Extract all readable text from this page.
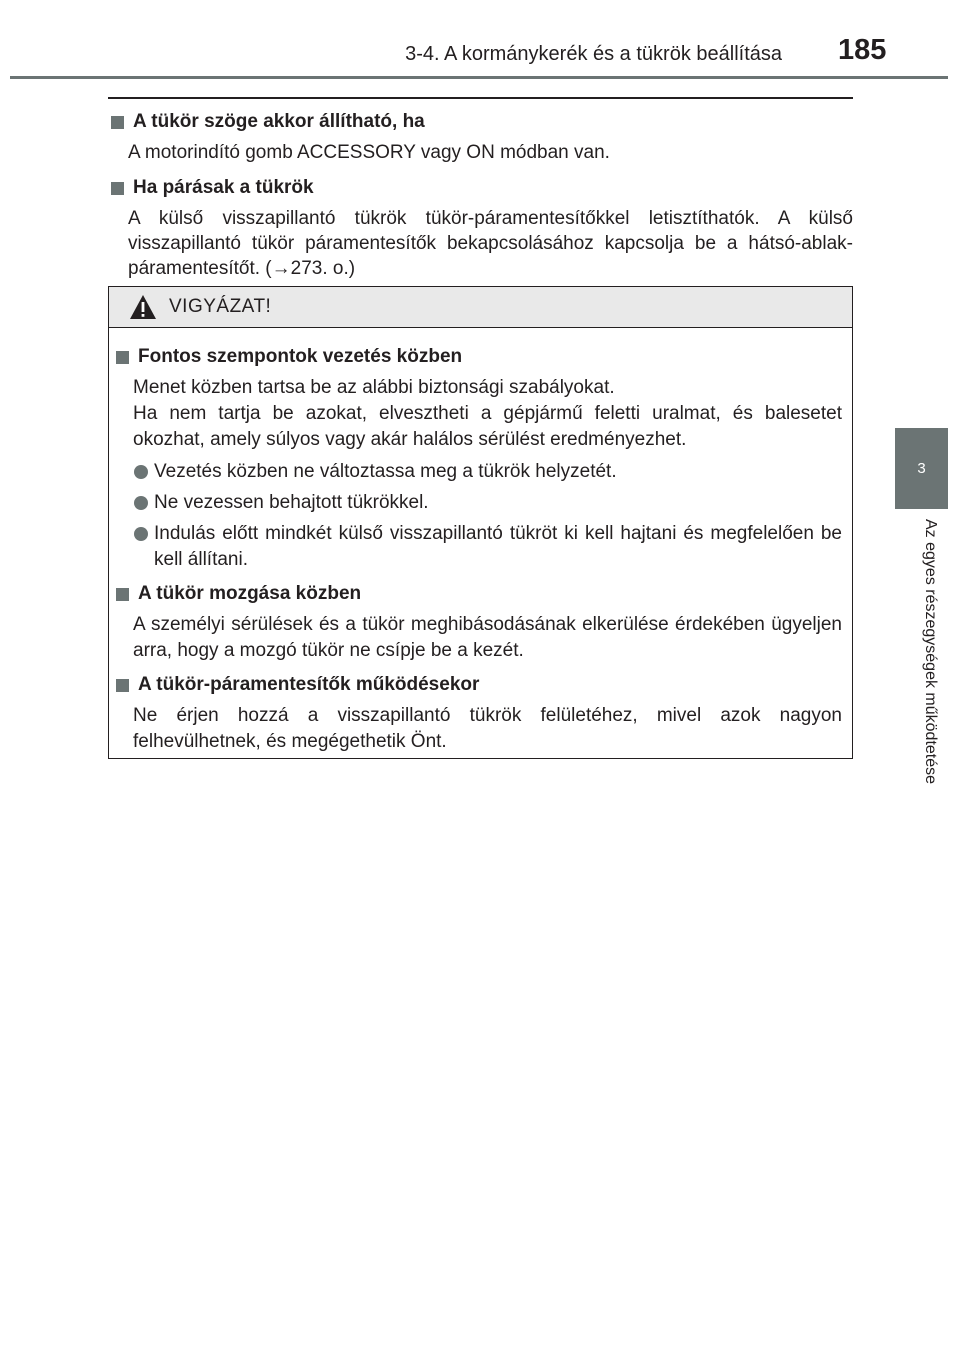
3-4. A kormánykerék és a tükrök beállítása 185
3
Az egyes részegységek működtetése
A tükör szöge akkor állítható, ha

A motorindító gomb ACCESSORY vagy ON módban van.

Ha párásak a tükrök

A külső visszapillantó tükrök tükör-páramentesítőkkel letisztíthatók. A külső visszapillantó tükör páramentesítők bekapcsolásához kapcsolja be a hátsó-ablak-páramentesítőt. (→273. o.)

VIGYÁZAT!
Fontos szempontok vezetés közben
Menet közben tartsa be az alábbi biztonsági szabályokat.
Ha nem tartja be azokat, elvesztheti a gépjármű feletti uralmat, és balesetet okozhat, amely súlyos vagy akár halálos sérülést eredményezhet.
Vezetés közben ne változtassa meg a tükrök helyzetét.
Ne vezessen behajtott tükrökkel.
Indulás előtt mindkét külső visszapillantó tükröt ki kell hajtani és megfelelően be kell állítani.
A tükör mozgása közben
A személyi sérülések és a tükör meghibásodásának elkerülése érdekében ügyeljen arra, hogy a mozgó tükör ne csípje be a kezét.
A tükör-páramentesítők működésekor
Ne érjen hozzá a visszapillantó tükrök felületéhez, mivel azok nagyon felhevülhetnek, és megégethetik Önt.
